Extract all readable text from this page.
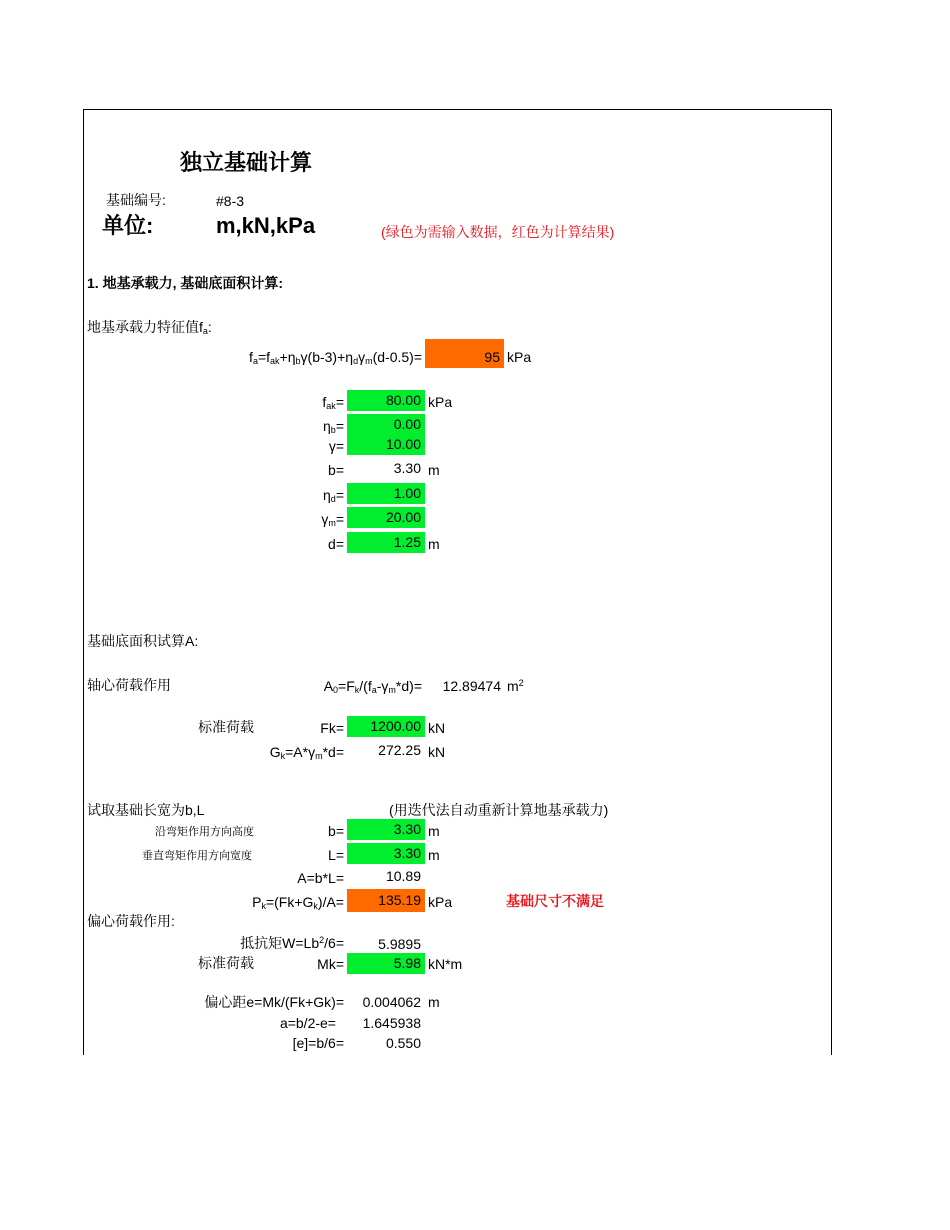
独立基础计算
基础编号:	#8-3
单位:	m,kN,kPa	(绿色为需输入数据，红色为计算结果)
1. 地基承载力, 基础底面积计算:
地基承载力特征值$f_a$:
$f_a=f_{ak}+\eta_b\gamma(b-3)+\eta_d\gamma_m(d-0.5)=$	95 kPa
$f_{ak}=$	80.00 kPa
$\eta_b=$	0.00
γ=	10.00
b=	3.30 m
$\eta_d=$	1.00
$\gamma_m=$	20.00
d=	1.25 m
基础底面积试算A:
轴心荷载作用	$A_0=F_k/(f_a-\gamma_m*d)=$	12.89474 $m^2$
标准荷载	Fk=	1200.00 kN
$G_k=A*\gamma_m*d=$	272.25 kN
试取基础长宽为b,L	(用迭代法自动重新计算地基承载力)
沿弯矩作用方向高度	b=	3.30 m
垂直弯矩作用方向宽度	L=	3.30 m
A=b*L=	10.89
$P_k=(Fk+G_k)/A=$	135.19 kPa	基础尺寸不满足
偏心荷载作用:
抵抗矩$W=Lb^2/6=$	5.9895
标准荷载	Mk=	5.98 kN*m
偏心距e=Mk/(Fk+Gk)=	0.004062 m
a=b/2-e=	1.645938
[e]=b/6=	0.550
